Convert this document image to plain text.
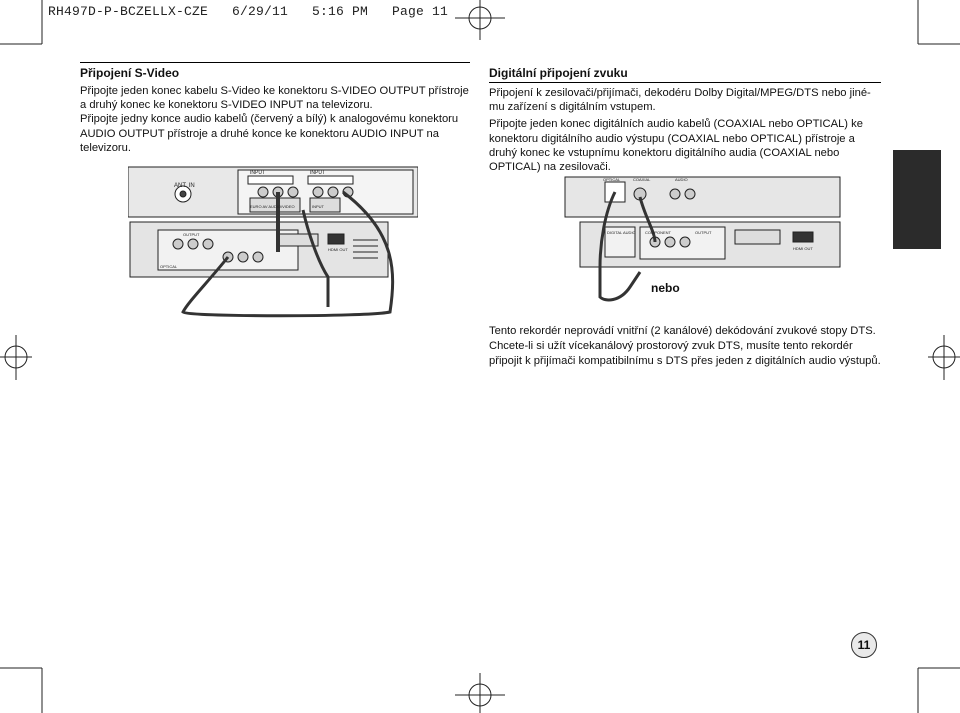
RH497D-P-BCZELLX-CZE   6/29/11   5:16 PM   Page 11
Připojení S-Video

Připojte jeden konec kabelu S-Video ke konektoru S-VIDEO OUTPUT přístroje a druhý konec ke konektoru S-VIDEO INPUT na televizoru.

Připojte jedny konce audio kabelů (červený a bílý) k analogovému konektoru AUDIO OUTPUT přístroje a druhé konce ke konektoru AUDIO INPUT na televizoru.

Digitální připojení zvuku

Připojení k zesilovači/přijímači, dekodéru Dolby Digital/MPEG/DTS nebo jiné- mu zařízení s digitálním vstupem.

Připojte jeden konec digitálních audio kabelů (COAXIAL nebo OPTICAL) ke konektoru digitálního audio výstupu (COAXIAL nebo OPTICAL) přístroje a druhý konec ke vstupnímu konektoru digitálního audia (COAXIAL nebo OPTICAL) na zesilovači.

Tento rekordér neprovádí vnitřní (2 kanálové) dekódování zvukové stopy DTS.

Chcete-li si užít vícekanálový prostorový zvuk DTS, musíte tento rekordér připojit k přijímači kompatibilnímu s DTS přes jeden z digitálních audio výstupů.

ANT. IN
INPUT	INPUT
EURO AV AUDIO/VIDEO	INPUT
OUTPUT
OPTICAL
HDMI OUT
OPTICAL	COAXIAL	AUDIO
DIGITAL AUDIO COMPONENT	OUTPUT
HDMI OUT
nebo
11
